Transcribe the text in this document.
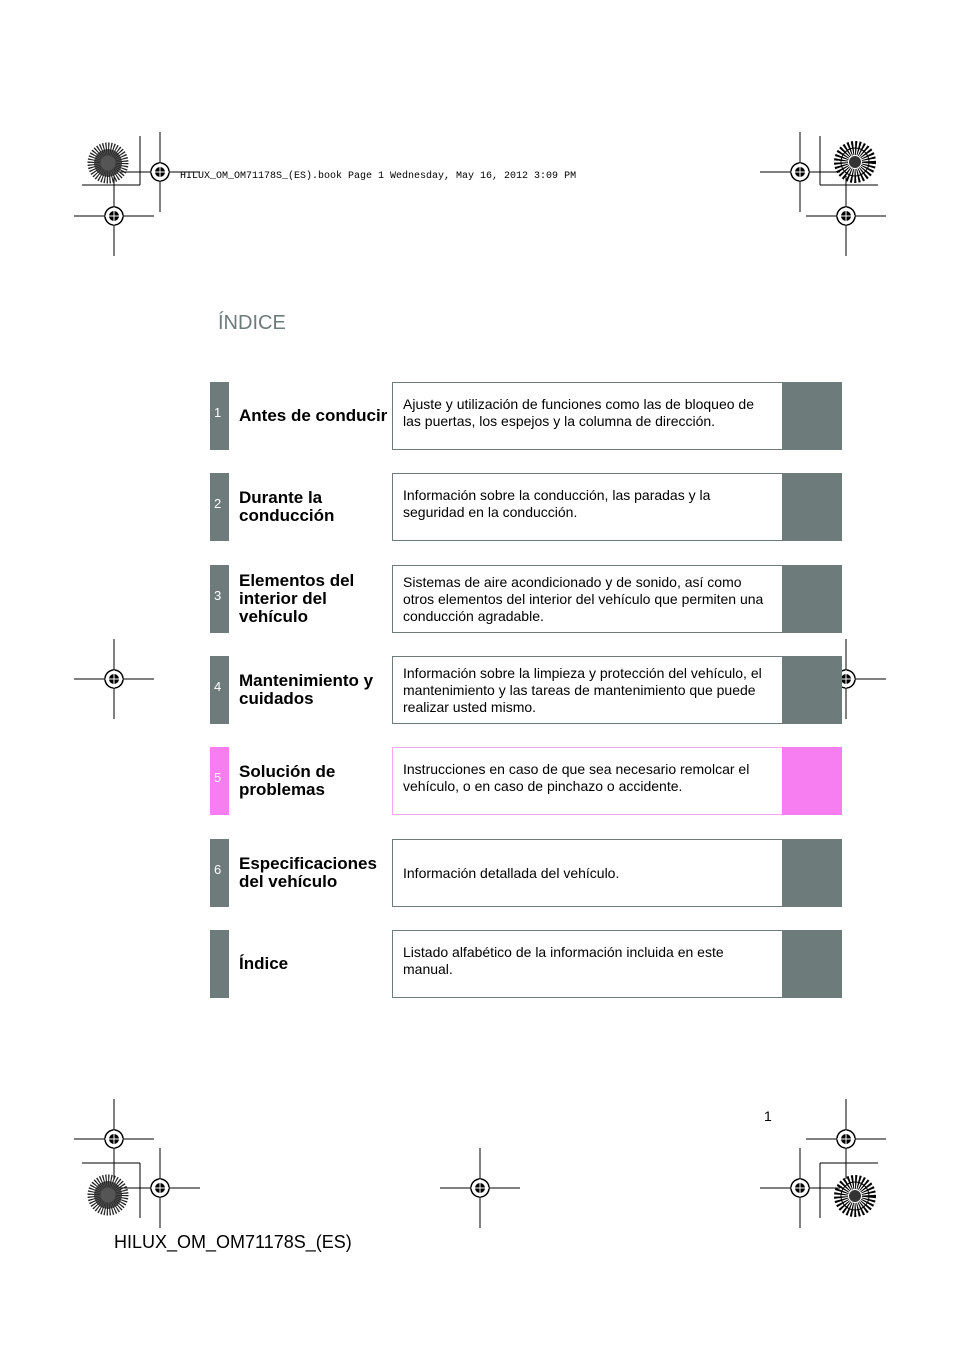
HILUX_OM_OM71178S_(ES).book Page 1 Wednesday, May 16, 2012 3:09 PM
ÍNDICE
1 Antes de conducir
Ajuste y utilización de funciones como las de bloqueo de las puertas, los espejos y la columna de dirección.
2 Durante la conducción
Información sobre la conducción, las paradas y la seguridad en la conducción.
3
Elementos del interior del vehículo
Sistemas de aire acondicionado y de sonido, así como otros elementos del interior del vehículo que permiten una conducción agradable.
4 Mantenimiento y cuidados
Información sobre la limpieza y protección del vehículo, el mantenimiento y las tareas de mantenimiento que puede realizar usted mismo.
5 Solución de problemas
Instrucciones en caso de que sea necesario remolcar el vehículo, o en caso de pinchazo o accidente.
6 Especificaciones del vehículo	Información detallada del vehículo.
Índice
Listado alfabético de la información incluida en este manual.
1
HILUX_OM_OM71178S_(ES)
